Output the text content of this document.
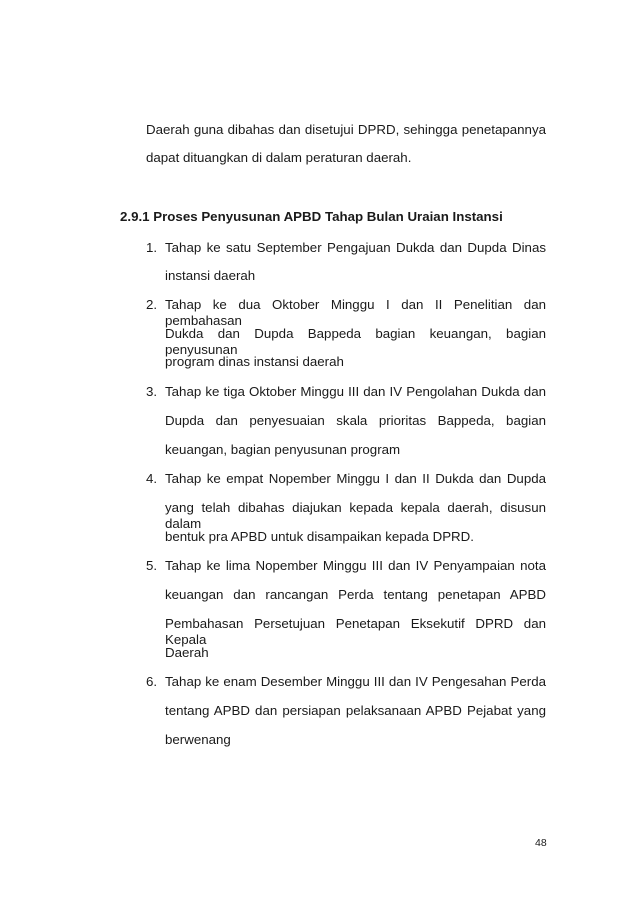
Daerah guna dibahas dan disetujui DPRD, sehingga penetapannya
dapat dituangkan di dalam peraturan daerah.
2.9.1 Proses Penyusunan APBD Tahap Bulan Uraian Instansi
1. Tahap ke satu September Pengajuan Dukda dan Dupda Dinas
instansi daerah
2. Tahap ke dua Oktober Minggu I dan II Penelitian dan pembahasan
Dukda dan Dupda Bappeda bagian keuangan, bagian penyusunan
program dinas instansi daerah
3. Tahap ke tiga Oktober Minggu III dan IV Pengolahan Dukda dan
Dupda dan penyesuaian skala prioritas Bappeda, bagian
keuangan, bagian penyusunan program
4. Tahap ke empat Nopember Minggu I dan II Dukda dan Dupda
yang telah dibahas diajukan kepada kepala daerah, disusun dalam
bentuk pra APBD untuk disampaikan kepada DPRD.
5. Tahap ke lima Nopember Minggu III dan IV Penyampaian nota
keuangan dan rancangan Perda tentang penetapan APBD
Pembahasan Persetujuan Penetapan Eksekutif DPRD dan Kepala
Daerah
6. Tahap ke enam Desember Minggu III dan IV Pengesahan Perda
tentang APBD dan persiapan pelaksanaan APBD Pejabat yang
berwenang
48
